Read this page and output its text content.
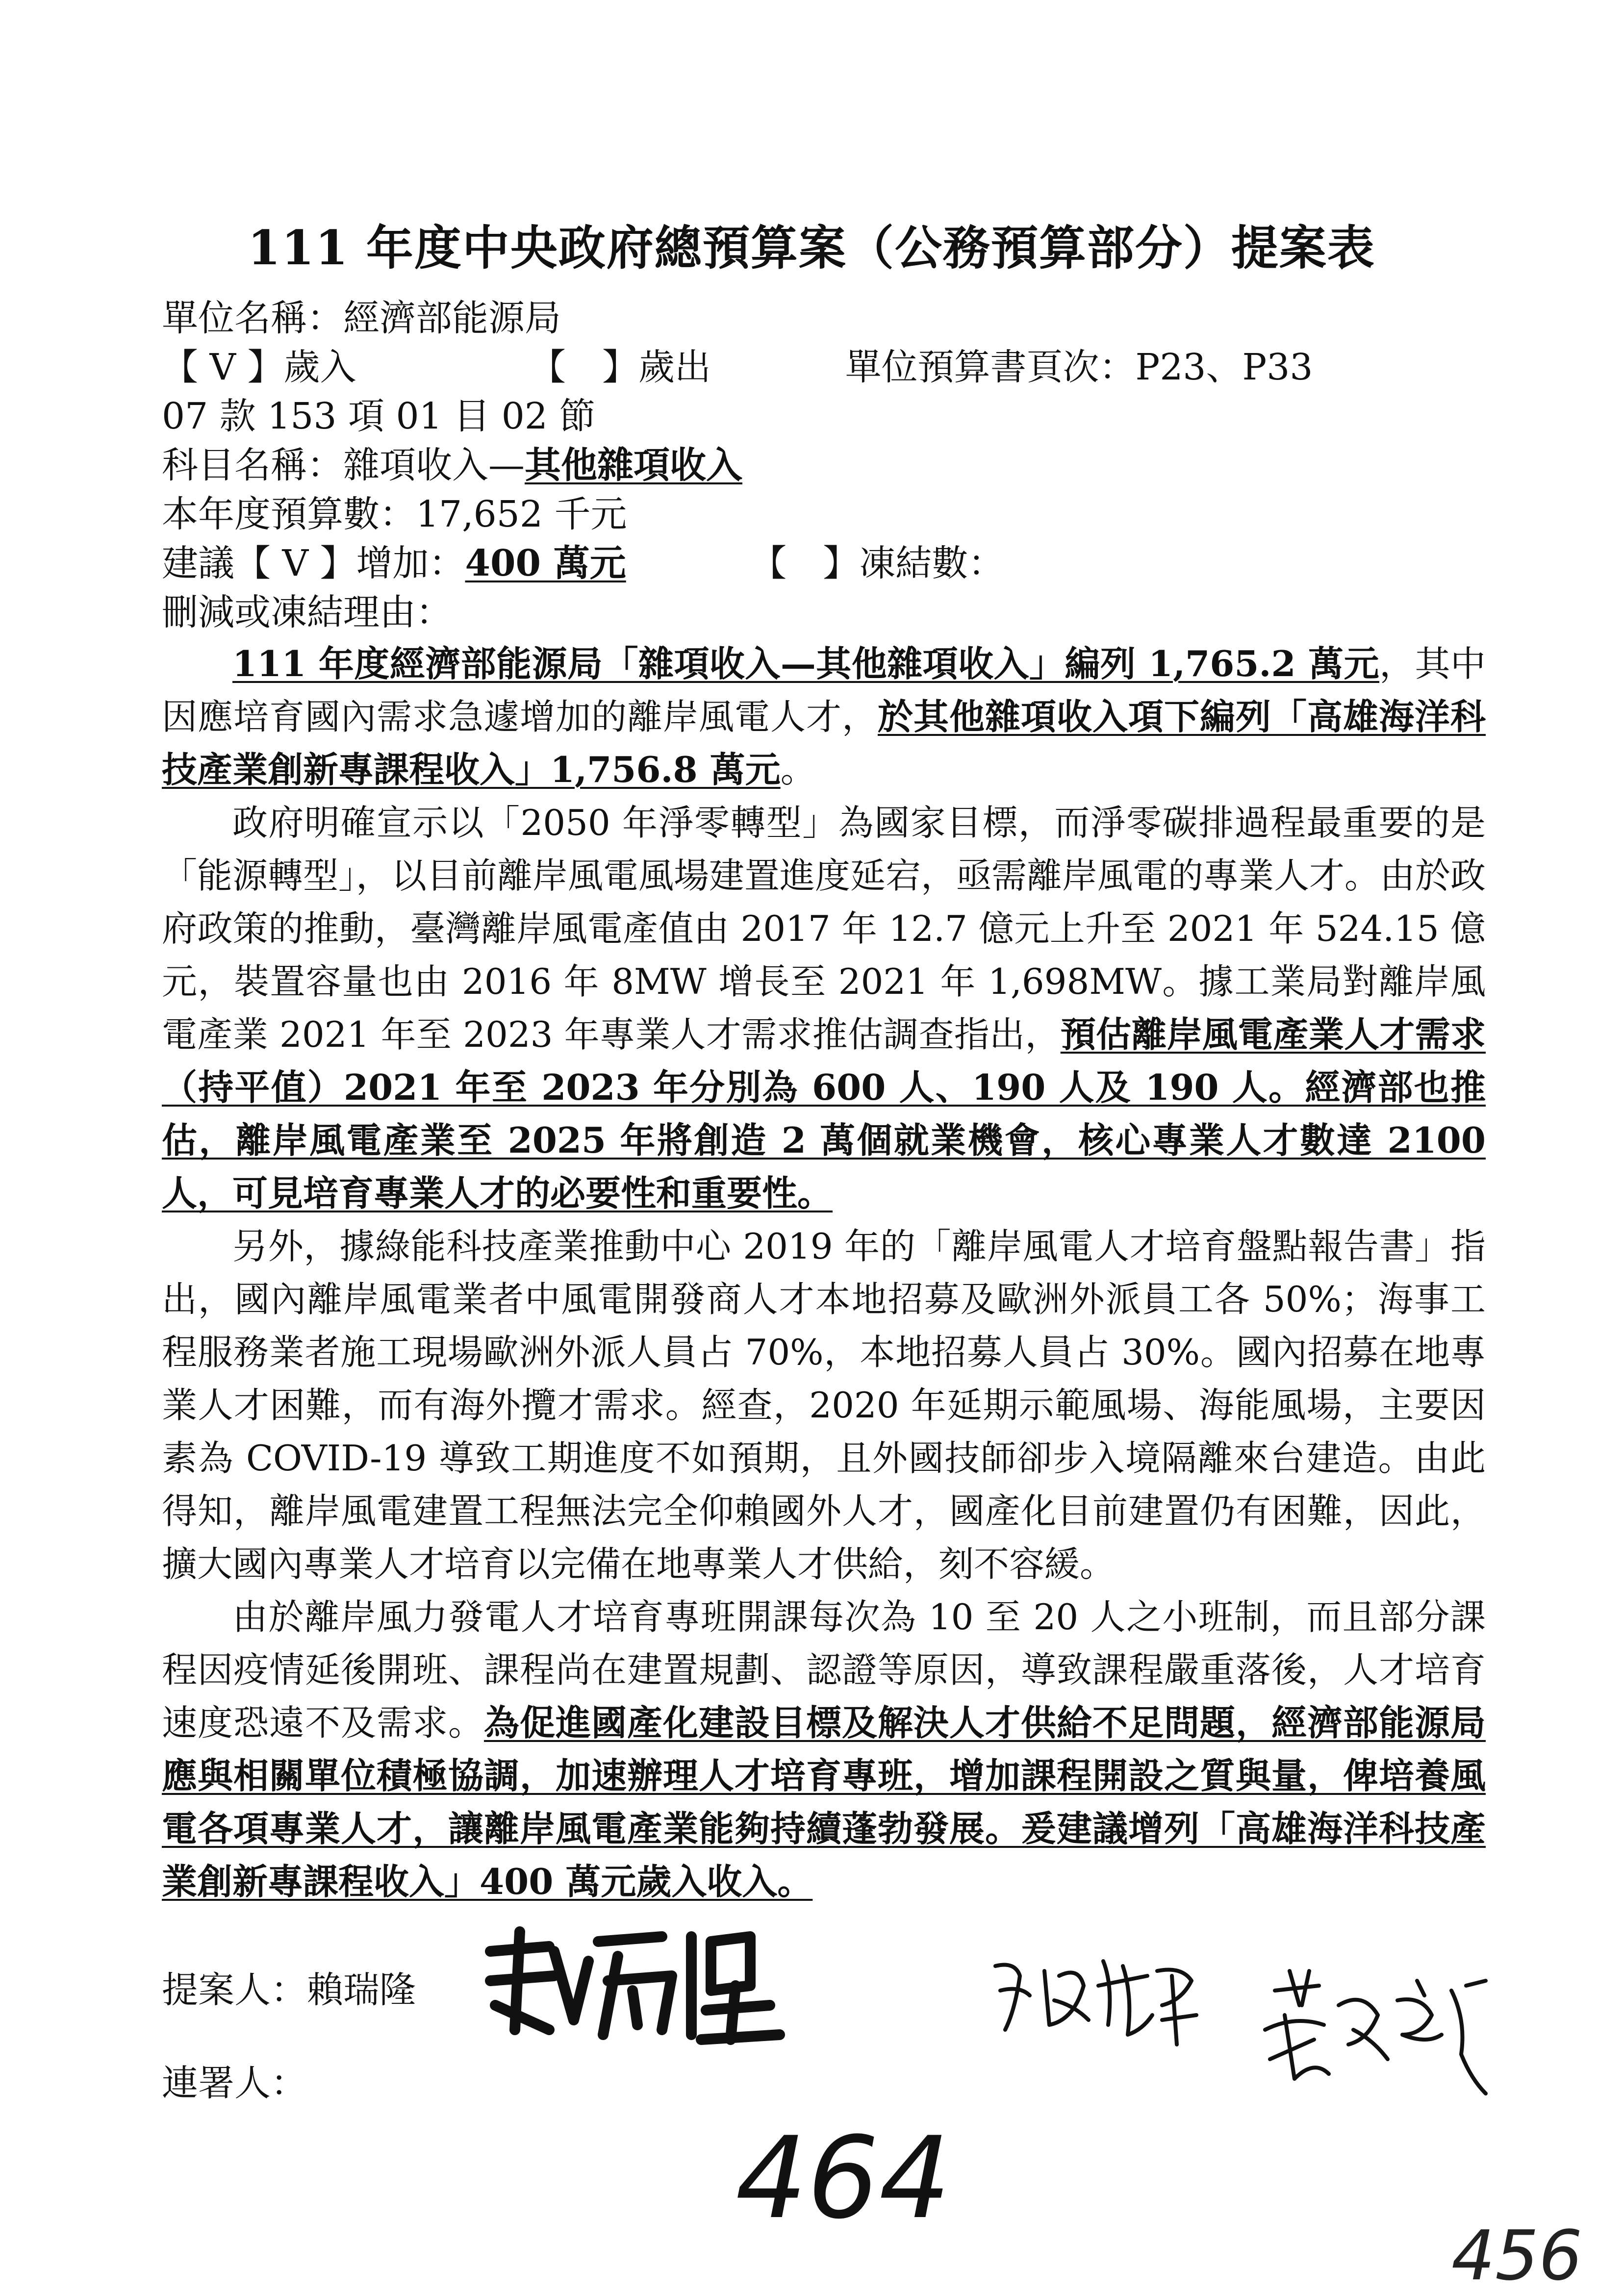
111 年度中央政府總預算案（公務預算部分）提案表
單位名稱：經濟部能源局
【 V 】歲入	【　】歲出	單位預算書頁次：P23、P33
07 款 153 項 01 目 02 節
科目名稱：雜項收入—其他雜項收入
本年度預算數：17,652 千元
建議【 V 】增加：400 萬元	【　】凍結數：
刪減或凍結理由：

111 年度經濟部能源局「雜項收入—其他雜項收入」編列 1,765.2 萬元，其中因應培育國內需求急遽增加的離岸風電人才，於其他雜項收入項下編列「高雄海洋科技產業創新專課程收入」1,756.8 萬元。

政府明確宣示以「2050 年淨零轉型」為國家目標，而淨零碳排過程最重要的是「能源轉型」，以目前離岸風電風場建置進度延宕，亟需離岸風電的專業人才。由於政府政策的推動，臺灣離岸風電產值由 2017 年 12.7 億元上升至 2021 年 524.15 億元，裝置容量也由 2016 年 8MW 增長至 2021 年 1,698MW。據工業局對離岸風電產業 2021 年至 2023 年專業人才需求推估調查指出，預估離岸風電產業人才需求（持平值）2021 年至 2023 年分別為 600 人、190 人及 190 人。經濟部也推估，離岸風電產業至 2025 年將創造 2 萬個就業機會，核心專業人才數達 2100 人，可見培育專業人才的必要性和重要性。

另外，據綠能科技產業推動中心 2019 年的「離岸風電人才培育盤點報告書」指出，國內離岸風電業者中風電開發商人才本地招募及歐洲外派員工各 50%；海事工程服務業者施工現場歐洲外派人員占 70%，本地招募人員占 30%。國內招募在地專業人才困難，而有海外攬才需求。經查，2020 年延期示範風場、海能風場，主要因素為 COVID-19 導致工期進度不如預期，且外國技師卻步入境隔離來台建造。由此得知，離岸風電建置工程無法完全仰賴國外人才，國產化目前建置仍有困難，因此，擴大國內專業人才培育以完備在地專業人才供給，刻不容緩。

由於離岸風力發電人才培育專班開課每次為 10 至 20 人之小班制，而且部分課程因疫情延後開班、課程尚在建置規劃、認證等原因，導致課程嚴重落後，人才培育速度恐遠不及需求。為促進國產化建設目標及解決人才供給不足問題，經濟部能源局應與相關單位積極協調，加速辦理人才培育專班，增加課程開設之質與量，俾培養風電各項專業人才，讓離岸風電產業能夠持續蓬勃發展。爰建議增列「高雄海洋科技產業創新專課程收入」400 萬元歲入收入。

提案人：賴瑞隆
連署人：
464
456
